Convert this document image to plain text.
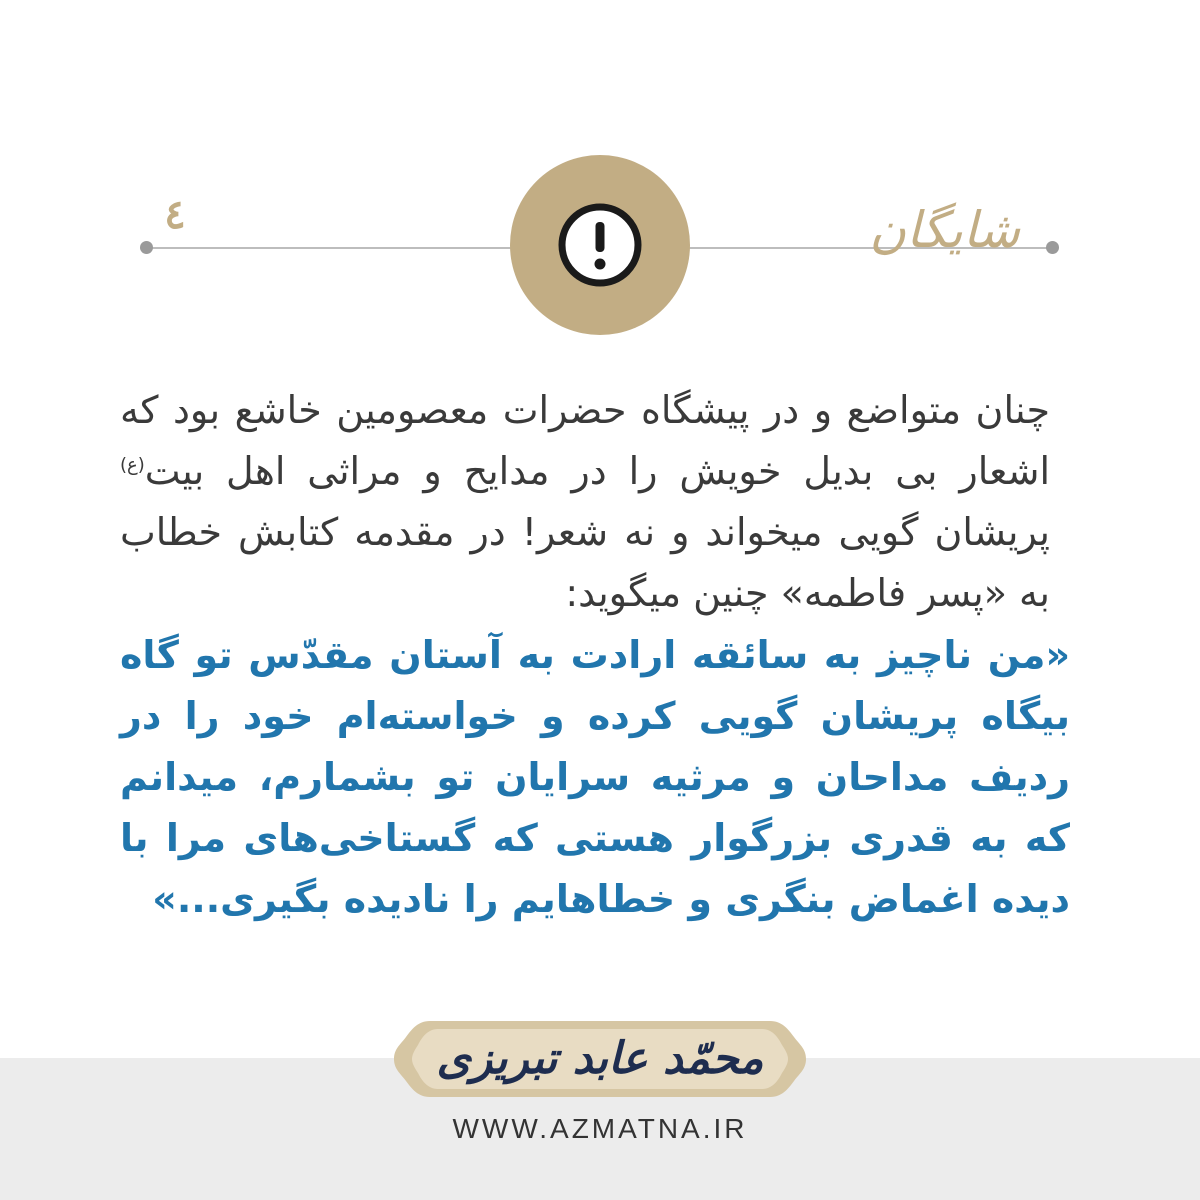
٤	شایگان
چنان متواضع و در پیشگاه حضرات معصومین خاشع بود که اشعار بی بدیل خویش را در مدایح و مراثی اهل بیت$^{(ع)}$ پریشان گویی میخواند و نه شعر! در مقدمه کتابش خطاب به «پسر فاطمه» چنین میگوید:
«من ناچیز به سائقه ارادت به آستان مقدّس تو گاه بیگاه پریشان گویی کرده و خواسته‌ام خود را در ردیف مداحان و مرثیه سرایان تو بشمارم، میدانم که به قدری بزرگوار هستی که گستاخی‌های مرا با دیده اغماض بنگری و خطاهایم را نادیده بگیری...»
محمّد عابد تبریزی
WWW.AZMATNA.IR
